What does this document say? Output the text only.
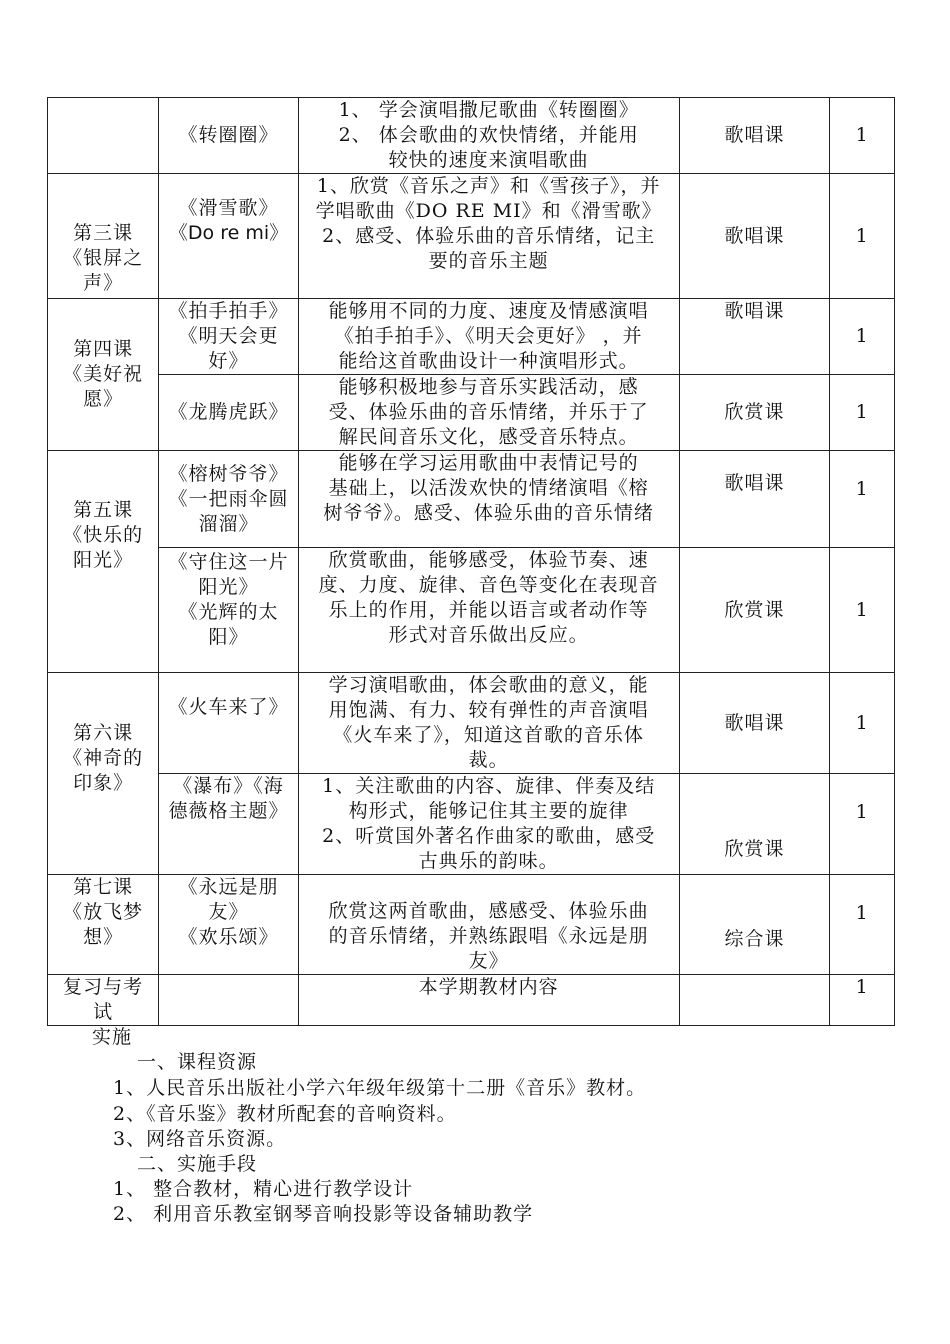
	《转圈圈》	1、 学会演唱撒尼歌曲《转圈圈》
2、 体会歌曲的欢快情绪，并能用
较快的速度来演唱歌曲	歌唱课	1

第三课
《银屏之
声》	《滑雪歌》
《Do re mi》	1、欣赏《音乐之声》和《雪孩子》，并
学唱歌曲《DO RE MI》和《滑雪歌》
2、感受、体验乐曲的音乐情绪，记主
要的音乐主题	歌唱课	1

第四课
《美好祝
愿》	《拍手拍手》
《明天会更
好》	能够用不同的力度、速度及情感演唱
《拍手拍手》、《明天会更好》 ，并
能给这首歌曲设计一种演唱形式。	歌唱课	1

	《龙腾虎跃》	能够积极地参与音乐实践活动，感
受、体验乐曲的音乐情绪，并乐于了
解民间音乐文化，感受音乐特点。	欣赏课	1

第五课
《快乐的
阳光》	《榕树爷爷》
《一把雨伞圆
溜溜》	能够在学习运用歌曲中表情记号的
基础上，以活泼欢快的情绪演唱《榕
树爷爷》。感受、体验乐曲的音乐情绪	歌唱课	1

	《守住这一片
阳光》
《光辉的太
阳》	欣赏歌曲，能够感受，体验节奏、速
度、力度、旋律、音色等变化在表现音
乐上的作用，并能以语言或者动作等
形式对音乐做出反应。	欣赏课	1

第六课
《神奇的
印象》	《火车来了》	学习演唱歌曲，体会歌曲的意义，能
用饱满、有力、较有弹性的声音演唱
《火车来了》，知道这首歌的音乐体
裁。	歌唱课	1

	《瀑布》《海
德薇格主题》	1、关注歌曲的内容、旋律、伴奏及结
构形式，能够记住其主要的旋律
2、听赏国外著名作曲家的歌曲，感受
古典乐的韵味。	欣赏课	1

第七课
《放飞梦
想》	《永远是朋
友》
《欢乐颂》	欣赏这两首歌曲，感感受、体验乐曲
的音乐情绪，并熟练跟唱《永远是朋
友》	综合课	1

复习与考
试		本学期教材内容		1
实施
一、课程资源
1、人民音乐出版社小学六年级年级第十二册《音乐》教材。
2、《音乐鉴》教材所配套的音响资料。
3、网络音乐资源。
二、实施手段
1、 整合教材，精心进行教学设计
2、 利用音乐教室钢琴音响投影等设备辅助教学
